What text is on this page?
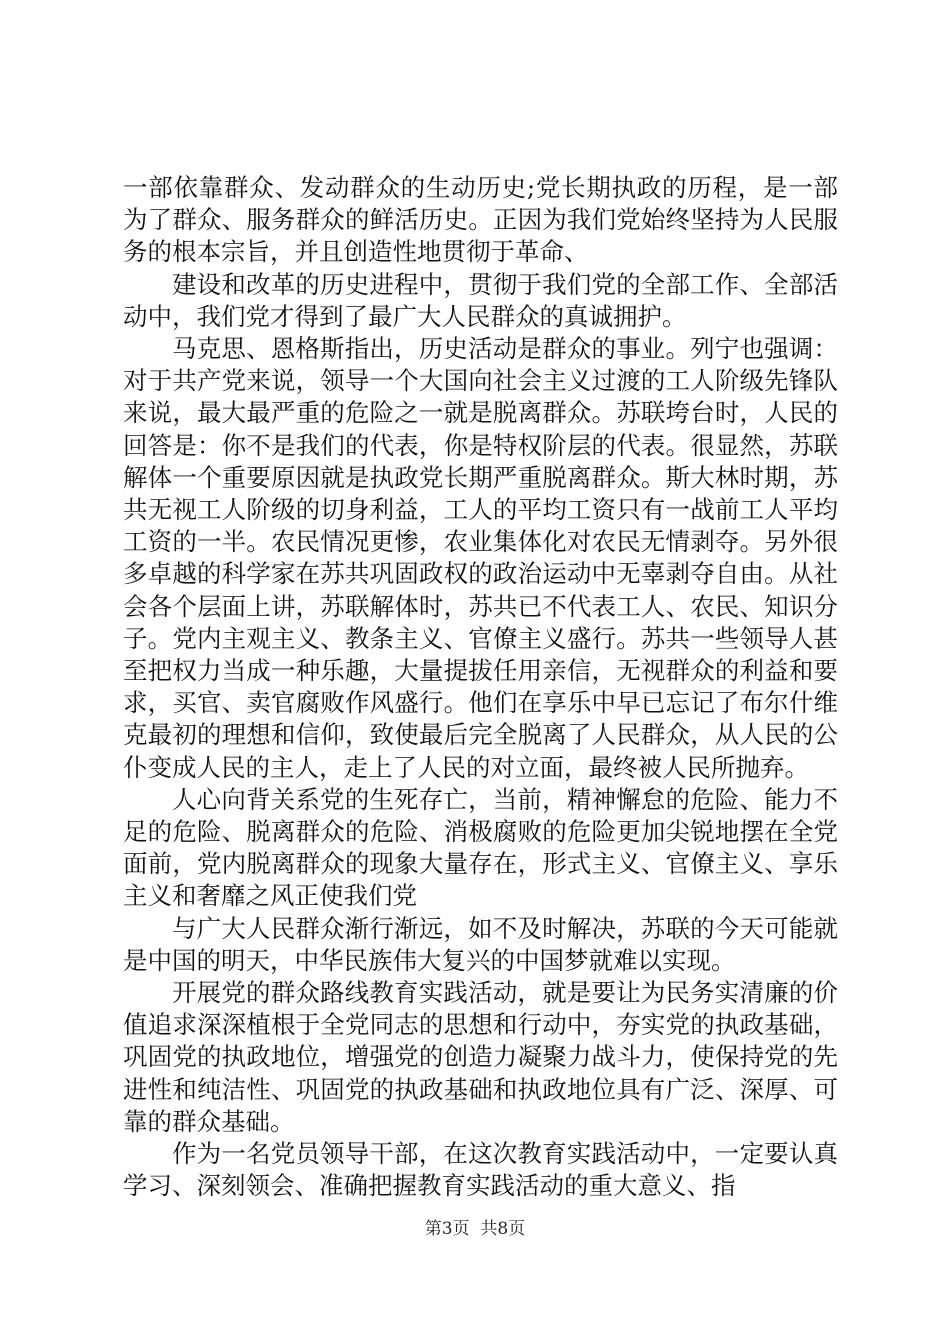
一部依靠群众、发动群众的生动历史;党长期执政的历程，是一部为了群众、服务群众的鲜活历史。正因为我们党始终坚持为人民服务的根本宗旨，并且创造性地贯彻于革命、

建设和改革的历史进程中，贯彻于我们党的全部工作、全部活动中，我们党才得到了最广大人民群众的真诚拥护。

马克思、恩格斯指出，历史活动是群众的事业。列宁也强调：对于共产党来说，领导一个大国向社会主义过渡的工人阶级先锋队来说，最大最严重的危险之一就是脱离群众。苏联垮台时，人民的回答是：你不是我们的代表，你是特权阶层的代表。很显然，苏联解体一个重要原因就是执政党长期严重脱离群众。斯大林时期，苏共无视工人阶级的切身利益，工人的平均工资只有一战前工人平均工资的一半。农民情况更惨，农业集体化对农民无情剥夺。另外很多卓越的科学家在苏共巩固政权的政治运动中无辜剥夺自由。从社会各个层面上讲，苏联解体时，苏共已不代表工人、农民、知识分子。党内主观主义、教条主义、官僚主义盛行。苏共一些领导人甚至把权力当成一种乐趣，大量提拔任用亲信，无视群众的利益和要求，买官、卖官腐败作风盛行。他们在享乐中早已忘记了布尔什维克最初的理想和信仰，致使最后完全脱离了人民群众，从人民的公仆变成人民的主人，走上了人民的对立面，最终被人民所抛弃。

人心向背关系党的生死存亡，当前，精神懈怠的危险、能力不足的危险、脱离群众的危险、消极腐败的危险更加尖锐地摆在全党面前，党内脱离群众的现象大量存在，形式主义、官僚主义、享乐主义和奢靡之风正使我们党

与广大人民群众渐行渐远，如不及时解决，苏联的今天可能就是中国的明天，中华民族伟大复兴的中国梦就难以实现。

开展党的群众路线教育实践活动，就是要让为民务实清廉的价值追求深深植根于全党同志的思想和行动中，夯实党的执政基础，巩固党的执政地位，增强党的创造力凝聚力战斗力，使保持党的先进性和纯洁性、巩固党的执政基础和执政地位具有广泛、深厚、可靠的群众基础。

作为一名党员领导干部，在这次教育实践活动中，一定要认真学习、深刻领会、准确把握教育实践活动的重大意义、指

第3页 共8页
